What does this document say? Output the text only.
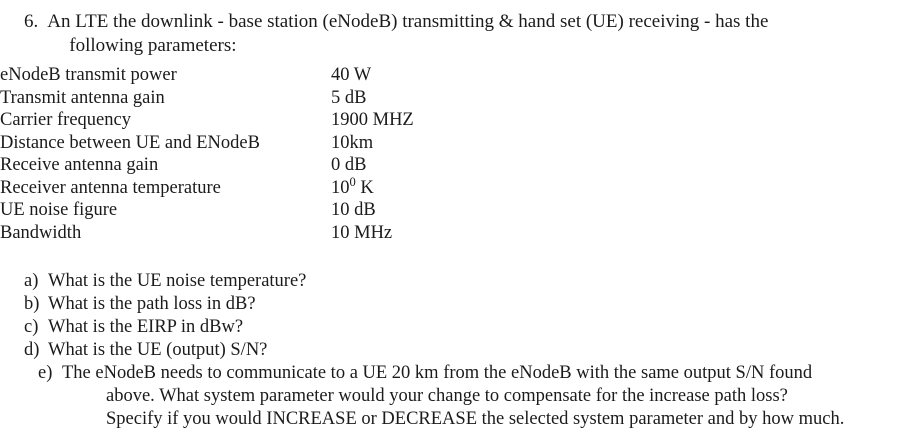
6. An LTE the downlink - base station (eNodeB) transmitting & hand set (UE) receiving - has the
following parameters:
eNodeB transmit power	40 W
Transmit antenna gain	5 dB
Carrier frequency	1900 MHZ
Distance between UE and ENodeB	10km
Receive antenna gain	0 dB
Receiver antenna temperature	$10^0$ K
UE noise figure	10 dB
Bandwidth	10 MHz
a) What is the UE noise temperature?
b) What is the path loss in dB?
c) What is the EIRP in dBw?
d) What is the UE (output) S/N?
e) The eNodeB needs to communicate to a UE 20 km from the eNodeB with the same output S/N found
above. What system parameter would your change to compensate for the increase path loss?
Specify if you would INCREASE or DECREASE the selected system parameter and by how much.
